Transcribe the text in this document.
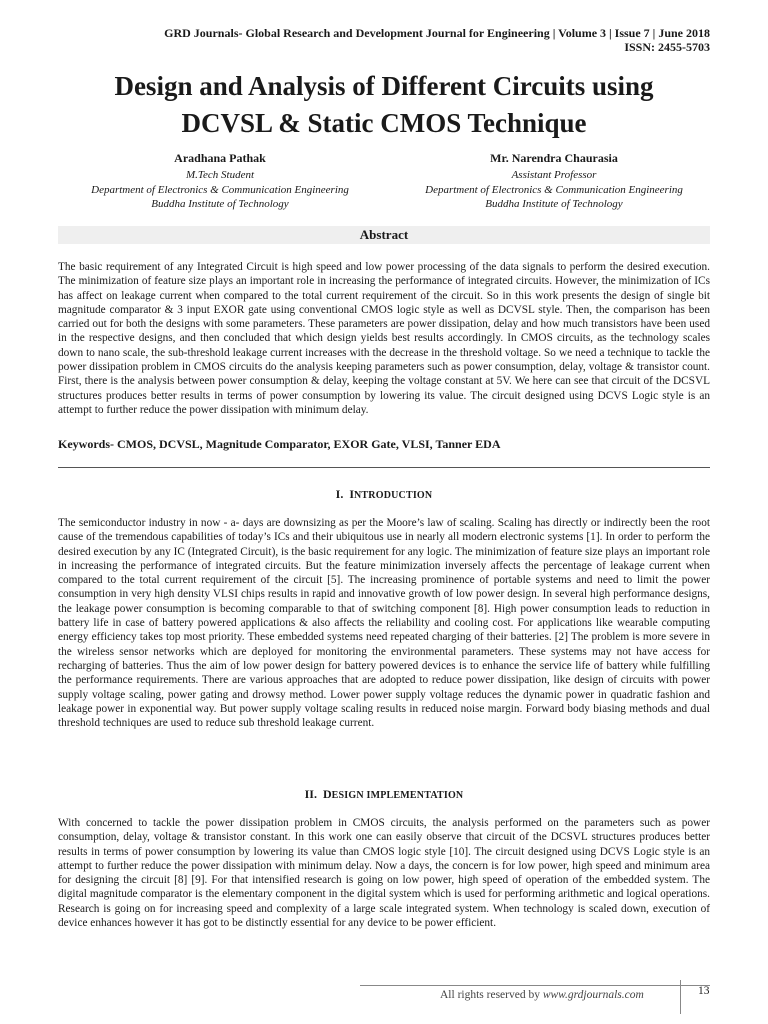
GRD Journals- Global Research and Development Journal for Engineering | Volume 3 | Issue 7 | June 2018
ISSN: 2455-5703
Design and Analysis of Different Circuits using
DCVSL & Static CMOS Technique
Aradhana Pathak
M.Tech Student
Department of Electronics & Communication Engineering
Buddha Institute of Technology
Mr. Narendra Chaurasia
Assistant Professor
Department of Electronics & Communication Engineering
Buddha Institute of Technology
Abstract

The basic requirement of any Integrated Circuit is high speed and low power processing of the data signals to perform the desired execution. The minimization of feature size plays an important role in increasing the performance of integrated circuits. However, the minimization of ICs has affect on leakage current when compared to the total current requirement of the circuit. So in this work presents the design of single bit magnitude comparator & 3 input EXOR gate using conventional CMOS logic style as well as DCVSL style. Then, the comparison has been carried out for both the designs with some parameters. These parameters are power dissipation, delay and how much transistors have been used in the respective designs, and then concluded that which design yields best results accordingly. In CMOS circuits, as the technology scales down to nano scale, the sub-threshold leakage current increases with the decrease in the threshold voltage. So we need a technique to tackle the power dissipation problem in CMOS circuits do the analysis keeping parameters such as power consumption, delay, voltage & transistor count. First, there is the analysis between power consumption & delay, keeping the voltage constant at 5V. We here can see that circuit of the DCSVL structures produces better results in terms of power consumption by lowering its value. The circuit designed using DCVS Logic style is an attempt to further reduce the power dissipation with minimum delay.

Keywords- CMOS, DCVSL, Magnitude Comparator, EXOR Gate, VLSI, Tanner EDA
I. INTRODUCTION

The semiconductor industry in now - a- days are downsizing as per the Moore’s law of scaling. Scaling has directly or indirectly been the root cause of the tremendous capabilities of today’s ICs and their ubiquitous use in nearly all modern electronic systems [1]. In order to perform the desired execution by any IC (Integrated Circuit), is the basic requirement for any logic. The minimization of feature size plays an important role in increasing the performance of integrated circuits. But the feature minimization inversely affects the percentage of leakage current when compared to the total current requirement of the circuit [5]. The increasing prominence of portable systems and need to limit the power consumption in very high density VLSI chips results in rapid and innovative growth of low power design. In several high performance designs, the leakage power consumption is becoming comparable to that of switching component [8]. High power consumption leads to reduction in battery life in case of battery powered applications & also affects the reliability and cooling cost. For applications like wearable computing energy efficiency takes top most priority. These embedded systems need repeated charging of their batteries. [2] The problem is more severe in the wireless sensor networks which are deployed for monitoring the environmental parameters. These systems may not have access for recharging of batteries. Thus the aim of low power design for battery powered devices is to enhance the service life of battery while fulfilling the performance requirements. There are various approaches that are adopted to reduce power dissipation, like design of circuits with power supply voltage scaling, power gating and drowsy method. Lower power supply voltage reduces the dynamic power in quadratic fashion and leakage power in exponential way. But power supply voltage scaling results in reduced noise margin. Forward body biasing methods and dual threshold techniques are used to reduce sub threshold leakage current.

II. DESIGN IMPLEMENTATION

With concerned to tackle the power dissipation problem in CMOS circuits, the analysis performed on the parameters such as power consumption, delay, voltage & transistor constant. In this work one can easily observe that circuit of the DCSVL structures produces better results in terms of power consumption by lowering its value than CMOS logic style [10]. The circuit designed using DCVS Logic style is an attempt to further reduce the power dissipation with minimum delay. Now a days, the concern is for low power, high speed and minimum area for designing the circuit [8] [9]. For that intensified research is going on low power, high speed of operation of the embedded system. The digital magnitude comparator is the elementary component in the digital system which is used for performing arithmetic and logical operations. Research is going on for increasing speed and complexity of a large scale integrated system. When technology is scaled down, execution of device enhances however it has got to be distinctly essential for any device to be power efficient.

All rights reserved by www.grdjournals.com	13
